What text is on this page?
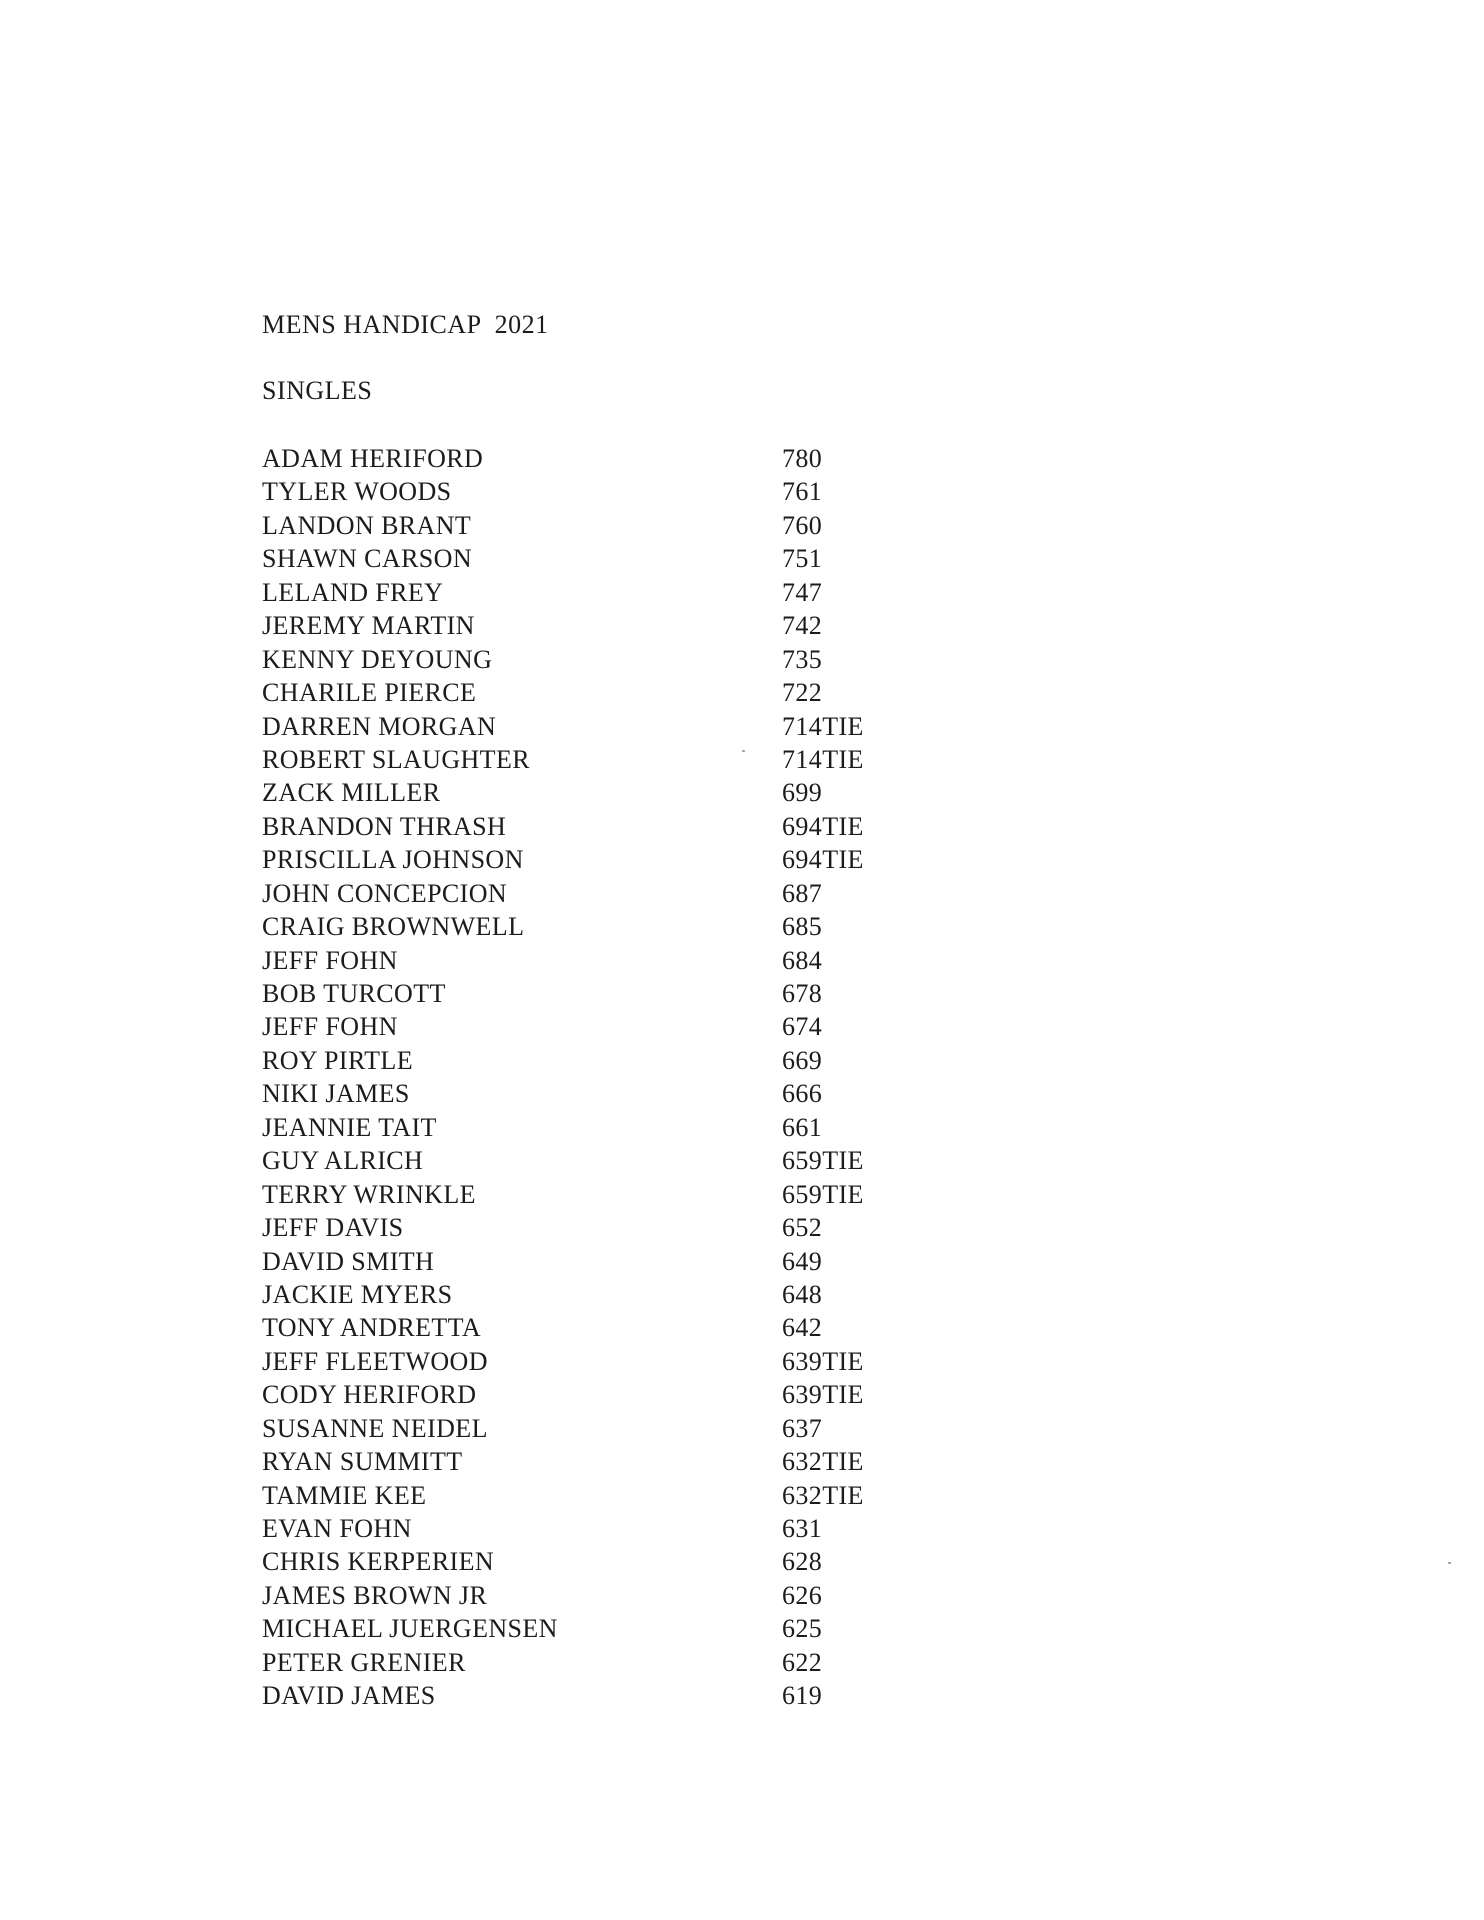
MENS HANDICAP  2021
SINGLES
ADAM HERIFORD	780
TYLER WOODS	761
LANDON BRANT	760
SHAWN CARSON	751
LELAND FREY	747
JEREMY MARTIN	742
KENNY DEYOUNG	735
CHARILE PIERCE	722
DARREN MORGAN	714TIE
ROBERT SLAUGHTER	714TIE
ZACK MILLER	699
BRANDON THRASH	694TIE
PRISCILLA JOHNSON	694TIE
JOHN CONCEPCION	687
CRAIG BROWNWELL	685
JEFF FOHN	684
BOB TURCOTT	678
JEFF FOHN	674
ROY PIRTLE	669
NIKI JAMES	666
JEANNIE TAIT	661
GUY ALRICH	659TIE
TERRY WRINKLE	659TIE
JEFF DAVIS	652
DAVID SMITH	649
JACKIE MYERS	648
TONY ANDRETTA	642
JEFF FLEETWOOD	639TIE
CODY HERIFORD	639TIE
SUSANNE NEIDEL	637
RYAN SUMMITT	632TIE
TAMMIE KEE	632TIE
EVAN FOHN	631
CHRIS KERPERIEN	628
JAMES BROWN JR	626
MICHAEL JUERGENSEN	625
PETER GRENIER	622
DAVID JAMES	619
